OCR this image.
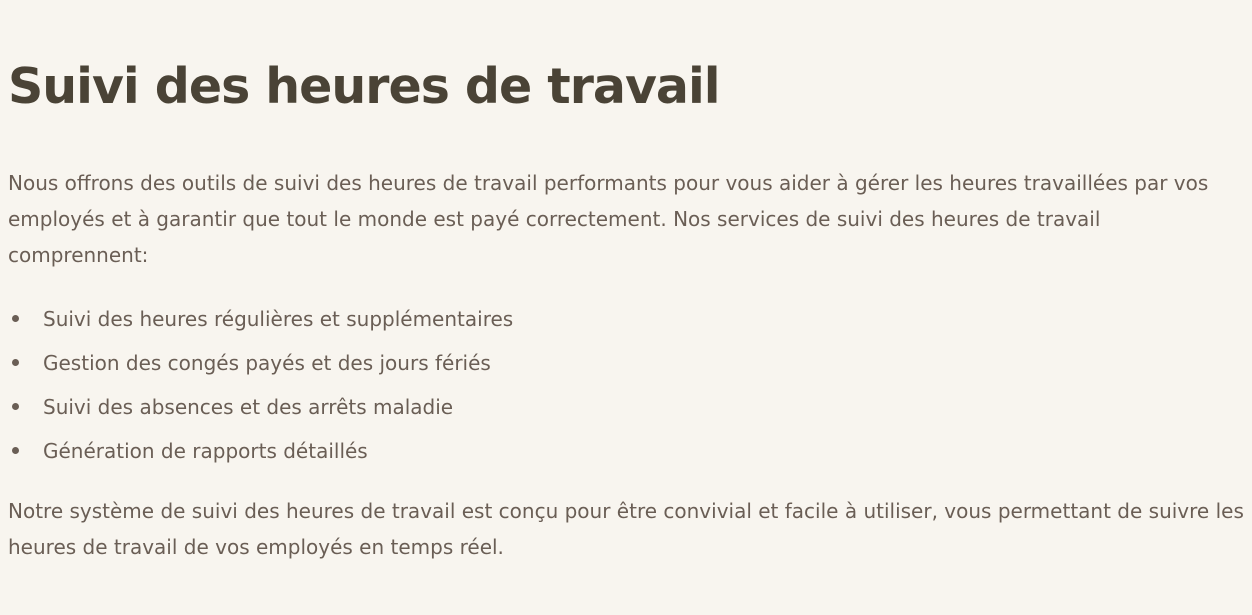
Suivi des heures de travail

Nous offrons des outils de suivi des heures de travail performants pour vous aider à gérer les heures travaillées par vos employés et à garantir que tout le monde est payé correctement. Nos services de suivi des heures de travail comprennent:

Suivi des heures régulières et supplémentaires
Gestion des congés payés et des jours fériés
Suivi des absences et des arrêts maladie
Génération de rapports détaillés

Notre système de suivi des heures de travail est conçu pour être convivial et facile à utiliser, vous permettant de suivre les heures de travail de vos employés en temps réel.
